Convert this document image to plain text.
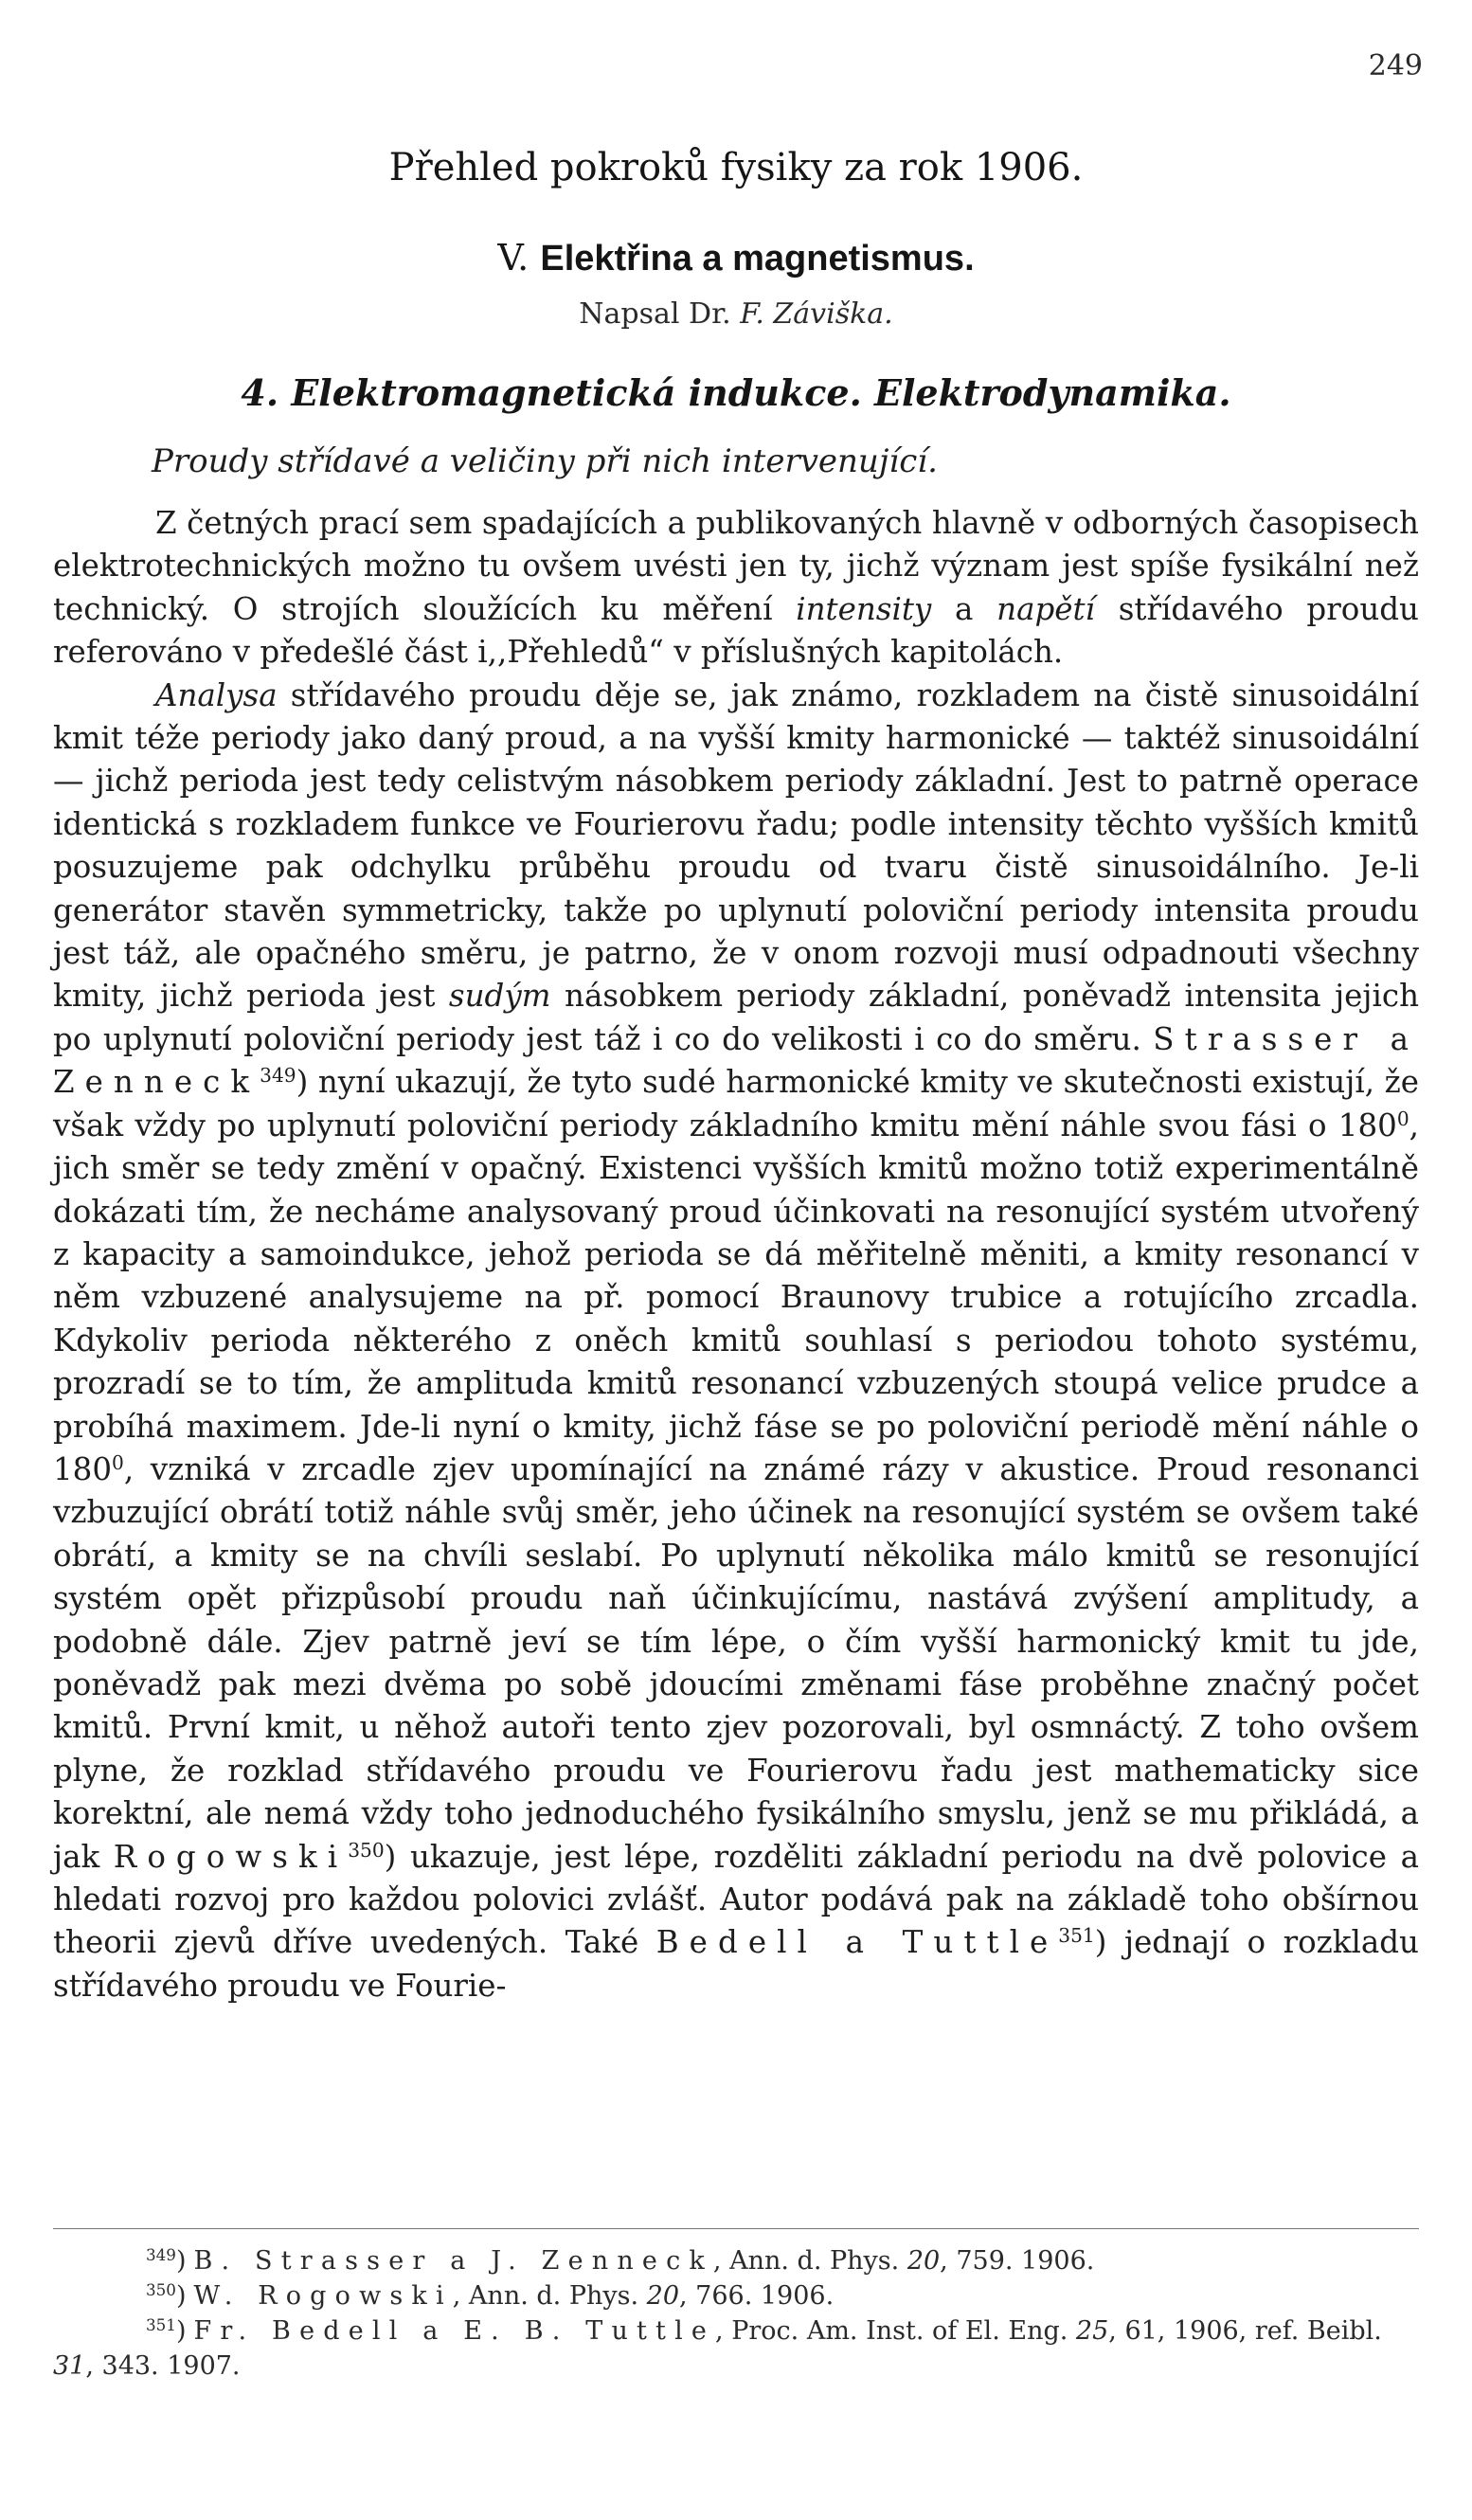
249
Přehled pokroků fysiky za rok 1906.
V. Elektřina a magnetismus.
Napsal Dr. F. Záviška.
4. Elektromagnetická indukce. Elektrodynamika.
Proudy střídavé a veličiny při nich intervenující.

Z četných prací sem spadajících a publikovaných hlavně v odborných časopisech elektrotechnických možno tu ovšem uvésti jen ty, jichž význam jest spíše fysikální než technický. O strojích sloužících ku měření intensity a napětí střídavého proudu referováno v předešlé část i,,Přehledů“ v příslušných kapitolách.

Analysa střídavého proudu děje se, jak známo, rozkladem na čistě sinusoidální kmit téže periody jako daný proud, a na vyšší kmity harmonické — taktéž sinusoidální — jichž perioda jest tedy celistvým násobkem periody základní. Jest to patrně operace identická s rozkladem funkce ve Fourierovu řadu; podle intensity těchto vyšších kmitů posuzujeme pak odchylku průběhu proudu od tvaru čistě sinusoidálního. Je-li generátor stavěn symmetricky, takže po uplynutí poloviční periody intensita proudu jest táž, ale opačného směru, je patrno, že v onom rozvoji musí odpadnouti všechny kmity, jichž perioda jest sudým násobkem periody základní, poněvadž intensita jejich po uplynutí poloviční periody jest táž i co do velikosti i co do směru. Strasser a Zenneck$^{349}$) nyní ukazují, že tyto sudé harmonické kmity ve skutečnosti existují, že však vždy po uplynutí poloviční periody základního kmitu mění náhle svou fási o $180^0$, jich směr se tedy změní v opačný. Existenci vyšších kmitů možno totiž experimentálně dokázati tím, že necháme analysovaný proud účinkovati na resonující systém utvořený z kapacity a samoindukce, jehož perioda se dá měřitelně měniti, a kmity resonancí v něm vzbuzené analysujeme na př. pomocí Braunovy trubice a rotujícího zrcadla. Kdykoliv perioda některého z oněch kmitů souhlasí s periodou tohoto systému, prozradí se to tím, že amplituda kmitů resonancí vzbuzených stoupá velice prudce a probíhá maximem. Jde-li nyní o kmity, jichž fáse se po poloviční periodě mění náhle o $180^0$, vzniká v zrcadle zjev upomínající na známé rázy v akustice. Proud resonanci vzbuzující obrátí totiž náhle svůj směr, jeho účinek na resonující systém se ovšem také obrátí, a kmity se na chvíli seslabí. Po uplynutí několika málo kmitů se resonující systém opět přizpůsobí proudu naň účinkujícímu, nastává zvýšení amplitudy, a podobně dále. Zjev patrně jeví se tím lépe, o čím vyšší harmonický kmit tu jde, poněvadž pak mezi dvěma po sobě jdoucími změnami fáse proběhne značný počet kmitů. První kmit, u něhož autoři tento zjev pozorovali, byl osmnáctý. Z toho ovšem plyne, že rozklad střídavého proudu ve Fourierovu řadu jest mathematicky sice korektní, ale nemá vždy toho jednoduchého fysikálního smyslu, jenž se mu přikládá, a jak Rogowski$^{350}$) ukazuje, jest lépe, rozděliti základní periodu na dvě polovice a hledati rozvoj pro každou polovici zvlášť. Autor podává pak na základě toho obšírnou theorii zjevů dříve uvedených. Také Bedell a Tuttle$^{351}$) jednají o rozkladu střídavého proudu ve Fourie-

$^{349}$) B. Strasser a J. Zenneck, Ann. d. Phys. 20, 759. 1906.

$^{350}$) W. Rogowski, Ann. d. Phys. 20, 766. 1906.

$^{351}$) Fr. Bedell a E. B. Tuttle, Proc. Am. Inst. of El. Eng. 25, 61, 1906, ref. Beibl. 31, 343. 1907.
